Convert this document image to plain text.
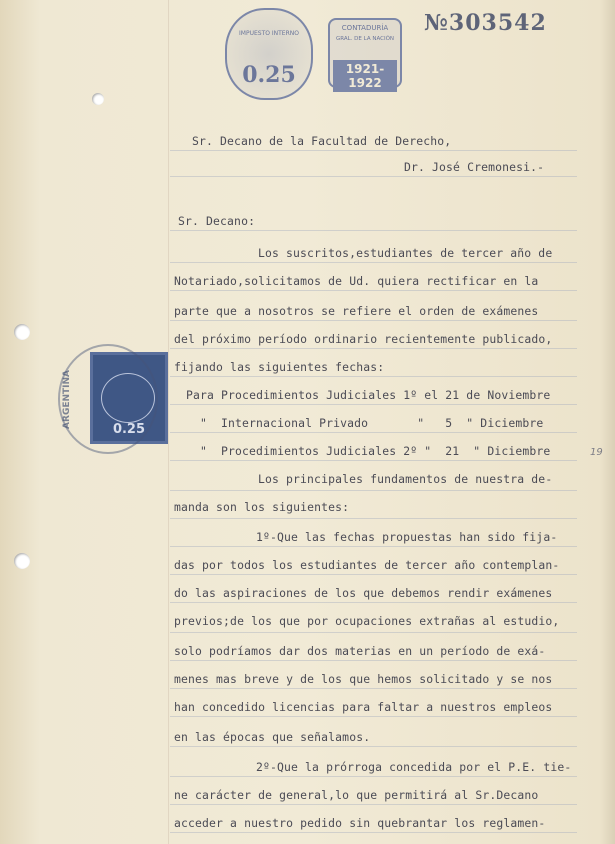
IMPUESTO INTERNO
0.25
CONTADURÍA
GRAL. DE LA NACIÓN
1921-1922
№303542
0.25
ARGENTINA
Sr. Decano de la Facultad de Derecho,
Dr. José Cremonesi.-
Sr. Decano:
Los suscritos,estudiantes de tercer año de
Notariado,solicitamos de Ud. quiera rectificar en la
parte que a nosotros se refiere el orden de exámenes
del próximo período ordinario recientemente publicado,
fijando las siguientes fechas:
Para Procedimientos Judiciales 1º el 21 de Noviembre
"  Internacional Privado       "   5  " Diciembre
"  Procedimientos Judiciales 2º "  21  " Diciembre
Los principales fundamentos de nuestra de-
manda son los siguientes:
1º-Que las fechas propuestas han sido fija-
das por todos los estudiantes de tercer año contemplan-
do las aspiraciones de los que debemos rendir exámenes
previos;de los que por ocupaciones extrañas al estudio,
solo podríamos dar dos materias en un período de exá-
menes mas breve y de los que hemos solicitado y se nos
han concedido licencias para faltar a nuestros empleos
en las épocas que señalamos.
2º-Que la prórroga concedida por el P.E. tie-
ne carácter de general,lo que permitirá al Sr.Decano
acceder a nuestro pedido sin quebrantar los reglamen-
19
